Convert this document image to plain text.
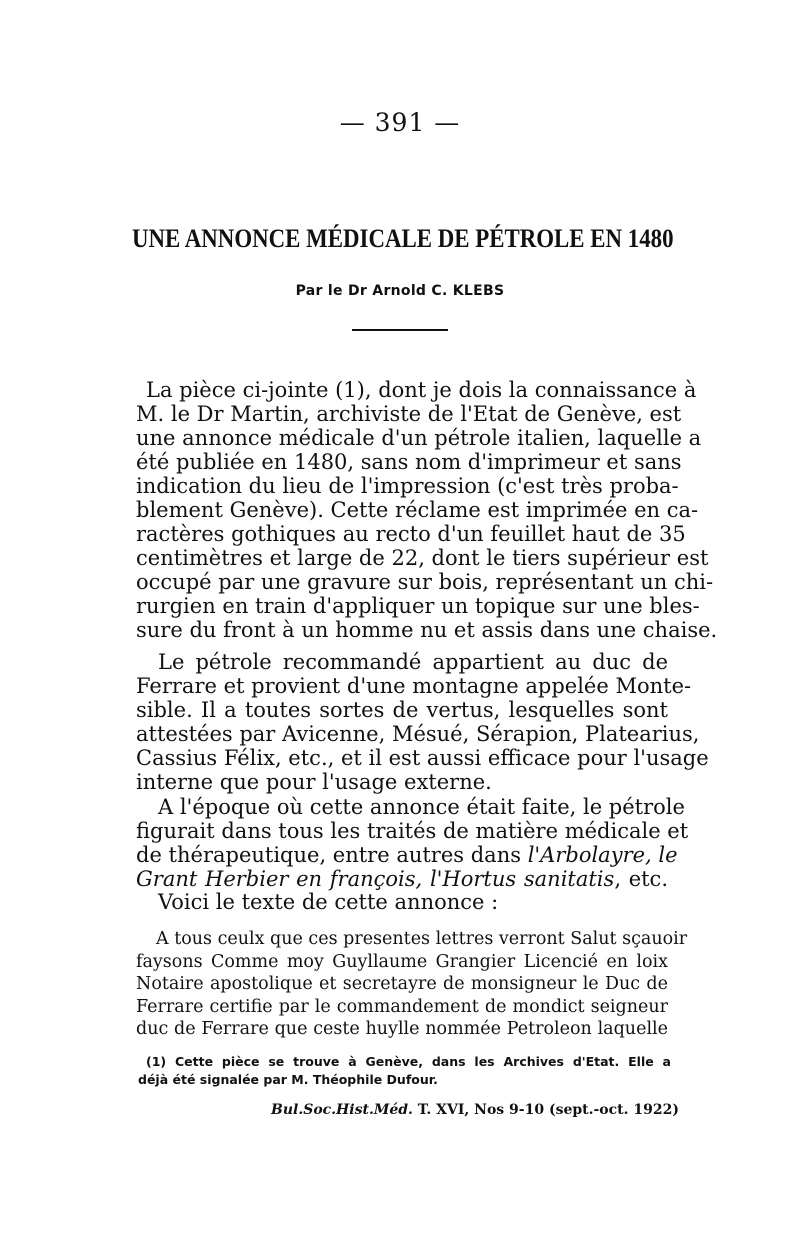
— 391 —
UNE ANNONCE MÉDICALE DE PÉTROLE EN 1480
Par le Dr Arnold C. KLEBS
La pièce ci-jointe (1), dont je dois la connaissance à
M. le Dr Martin, archiviste de l'Etat de Genève, est
une annonce médicale d'un pétrole italien, laquelle a
été publiée en 1480, sans nom d'imprimeur et sans
indication du lieu de l'impression (c'est très proba-
blement Genève). Cette réclame est imprimée en ca-
ractères gothiques au recto d'un feuillet haut de 35
centimètres et large de 22, dont le tiers supérieur est
occupé par une gravure sur bois, représentant un chi-
rurgien en train d'appliquer un topique sur une bles-
sure du front à un homme nu et assis dans une chaise.
Le pétrole recommandé appartient au duc de
Ferrare et provient d'une montagne appelée Monte-
sible. Il a toutes sortes de vertus, lesquelles sont
attestées par Avicenne, Mésué, Sérapion, Platearius,
Cassius Félix, etc., et il est aussi efficace pour l'usage
interne que pour l'usage externe.
A l'époque où cette annonce était faite, le pétrole
figurait dans tous les traités de matière médicale et
de thérapeutique, entre autres dans l'Arbolayre, le
Grant Herbier en françois, l'Hortus sanitatis, etc.
Voici le texte de cette annonce :
A tous ceulx que ces presentes lettres verront Salut sçauoir
faysons Comme moy Guyllaume Grangier Licencié en loix
Notaire apostolique et secretayre de monsigneur le Duc de
Ferrare certifie par le commandement de mondict seigneur
duc de Ferrare que ceste huylle nommée Petroleon laquelle
(1) Cette pièce se trouve à Genève, dans les Archives d'Etat. Elle a
déjà été signalée par M. Théophile Dufour.
Bul.Soc.Hist.Méd. T. XVI, Nos 9-10 (sept.-oct. 1922)
